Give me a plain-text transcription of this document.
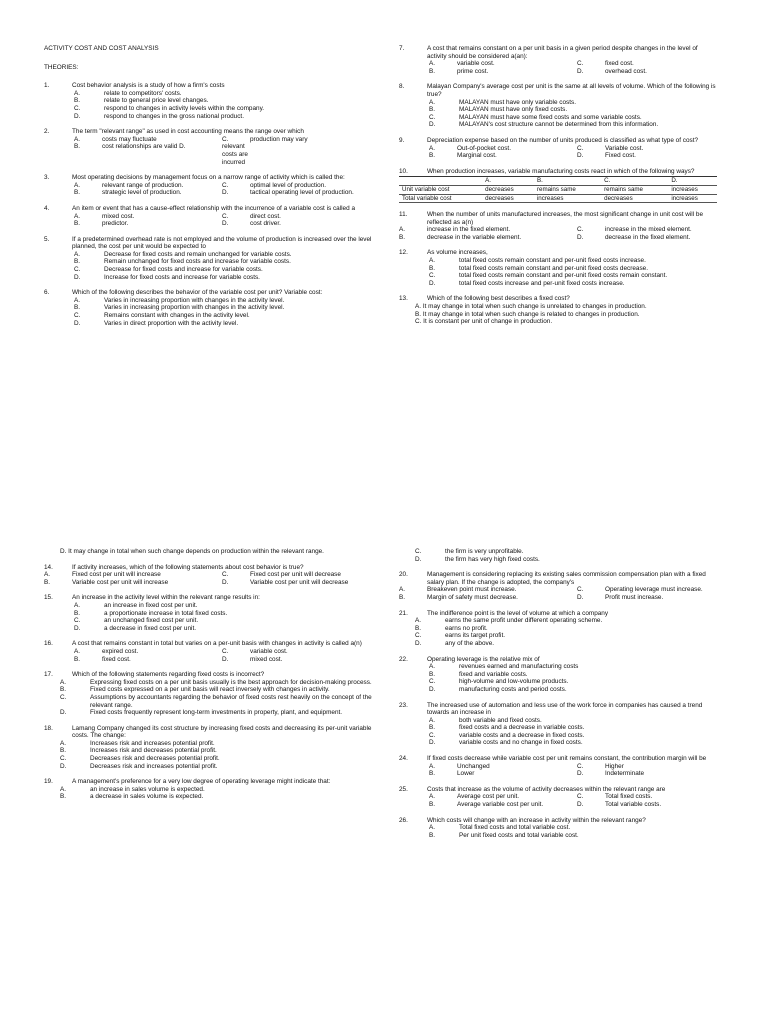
ACTIVITY COST AND COST ANALYSIS
THEORIES:
1.	Cost behavior analysis is a study of how a firm's costs
A.	relate to competitors' costs.
B.	relate to general price level changes.
C.	respond to changes in activity levels within the company.
D.	respond to changes in the gross national product.
2.	The term "relevant range" as used in cost accounting means the range over which
A.	costs may fluctuate	C.	production may vary
B.	cost relationships are valid D.	relevant costs are incurred
3.	Most operating decisions by management focus on a narrow range of activity which is called the:
A.	relevant range of production.	C.	optimal level of production.
B.	strategic level of production.	D.	tactical operating level of production.
4.	An item or event that has a cause-effect relationship with the incurrence of a variable cost is called a
A.	mixed cost.	C.	direct cost.
B.	predictor.	D.	cost driver.
5.	If a predetermined overhead rate is not employed and the volume of production is increased over the level planned, the cost per unit would be expected to
A.	Decrease for fixed costs and remain unchanged for variable costs.
B.	Remain unchanged for fixed costs and increase for variable costs.
C.	Decrease for fixed costs and increase for variable costs.
D.	Increase for fixed costs and increase for variable costs.
6.	Which of the following describes the behavior of the variable cost per unit? Variable cost:
A.	Varies in increasing proportion with changes in the activity level.
B.	Varies in increasing proportion with changes in the activity level.
C.	Remains constant with changes in the activity level.
D.	Varies in direct proportion with the activity level.
7.	A cost that remains constant on a per unit basis in a given period despite changes in the level of activity should be considered a(an):
A.	variable cost.	C.	fixed cost.
B.	prime cost.	D.	overhead cost.
8.	Malayan Company's average cost per unit is the same at all levels of volume. Which of the following is true?
A.	MALAYAN must have only variable costs.
B.	MALAYAN must have only fixed costs.
C.	MALAYAN must have some fixed costs and some variable costs.
D.	MALAYAN's cost structure cannot be determined from this information.
9.	Depreciation expense based on the number of units produced is classified as what type of cost?
A.	Out-of-pocket cost.	C.	Variable cost.
B.	Marginal cost.	D.	Fixed cost.
10.	When production increases, variable manufacturing costs react in which of the following ways?
	A.	B.	C.	D.
Unit variable cost	decreases	remains same	remains same	increases
Total variable cost	decreases	increases	decreases	increases
11.	When the number of units manufactured increases, the most significant change in unit cost will be reflected as a(n)
A.	increase in the fixed element.	C.	increase in the mixed element.
B.	decrease in the variable element.	D.	decrease in the fixed element.
12.	As volume increases,
A.	total fixed costs remain constant and per-unit fixed costs increase.
B.	total fixed costs remain constant and per-unit fixed costs decrease.
C.	total fixed costs remain constant and per-unit fixed costs remain constant.
D.	total fixed costs increase and per-unit fixed costs increase.
13.	Which of the following best describes a fixed cost?
A. It may change in total when such change is unrelated to changes in production.
B. It may change in total when such change is related to changes in production.
C. It is constant per unit of change in production.
D. It may change in total when such change depends on production within the relevant range.
14.	If activity increases, which of the following statements about cost behavior is true?
A.	Fixed cost per unit will increase	C.	Fixed cost per unit will decrease
B.	Variable cost per unit will increase	D.	Variable cost per unit will decrease
15.	An increase in the activity level within the relevant range results in:
A.	an increase in fixed cost per unit.
B.	a proportionate increase in total fixed costs.
C.	an unchanged fixed cost per unit.
D.	a decrease in fixed cost per unit.
16.	A cost that remains constant in total but varies on a per-unit basis with changes in activity is called a(n)
A.	expired cost.	C.	variable cost.
B.	fixed cost.	D.	mixed cost.
17.	Which of the following statements regarding fixed costs is incorrect?
A.	Expressing fixed costs on a per unit basis usually is the best approach for decision-making process.
B.	Fixed costs expressed on a per unit basis will react inversely with changes in activity.
C.	Assumptions by accountants regarding the behavior of fixed costs rest heavily on the concept of the relevant range.
D.	Fixed costs frequently represent long-term investments in property, plant, and equipment.
18.	Lamang Company changed its cost structure by increasing fixed costs and decreasing its per-unit variable costs. The change:
A.	Increases risk and increases potential profit.
B.	Increases risk and decreases potential profit.
C.	Decreases risk and decreases potential profit.
D.	Decreases risk and increases potential profit.
19.	A management's preference for a very low degree of operating leverage might indicate that:
A.	an increase in sales volume is expected.
B.	a decrease in sales volume is expected.
C.	the firm is very unprofitable.
D.	the firm has very high fixed costs.
20.	Management is considering replacing its existing sales commission compensation plan with a fixed salary plan. If the change is adopted, the company's
A.	Breakeven point must increase.	C.	Operating leverage must increase.
B.	Margin of safety must decrease.	D.	Profit must increase.
21.	The indifference point is the level of volume at which a company
A.	earns the same profit under different operating scheme.
B.	earns no profit.
C.	earns its target profit.
D.	any of the above.
22.	Operating leverage is the relative mix of
A.	revenues earned and manufacturing costs
B.	fixed and variable costs.
C.	high-volume and low-volume products.
D.	manufacturing costs and period costs.
23.	The increased use of automation and less use of the work force in companies has caused a trend towards an increase in
A.	both variable and fixed costs.
B.	fixed costs and a decrease in variable costs.
C.	variable costs and a decrease in fixed costs.
D.	variable costs and no change in fixed costs.
24.	If fixed costs decrease while variable cost per unit remains constant, the contribution margin will be
A.	Unchanged	C.	Higher
B.	Lower	D.	Indeterminate
25.	Costs that increase as the volume of activity decreases within the relevant range are
A.	Average cost per unit.	C.	Total fixed costs.
B.	Average variable cost per unit.	D.	Total variable costs.
26.	Which costs will change with an increase in activity within the relevant range?
A.	Total fixed costs and total variable cost.
B.	Per unit fixed costs and total variable cost.
